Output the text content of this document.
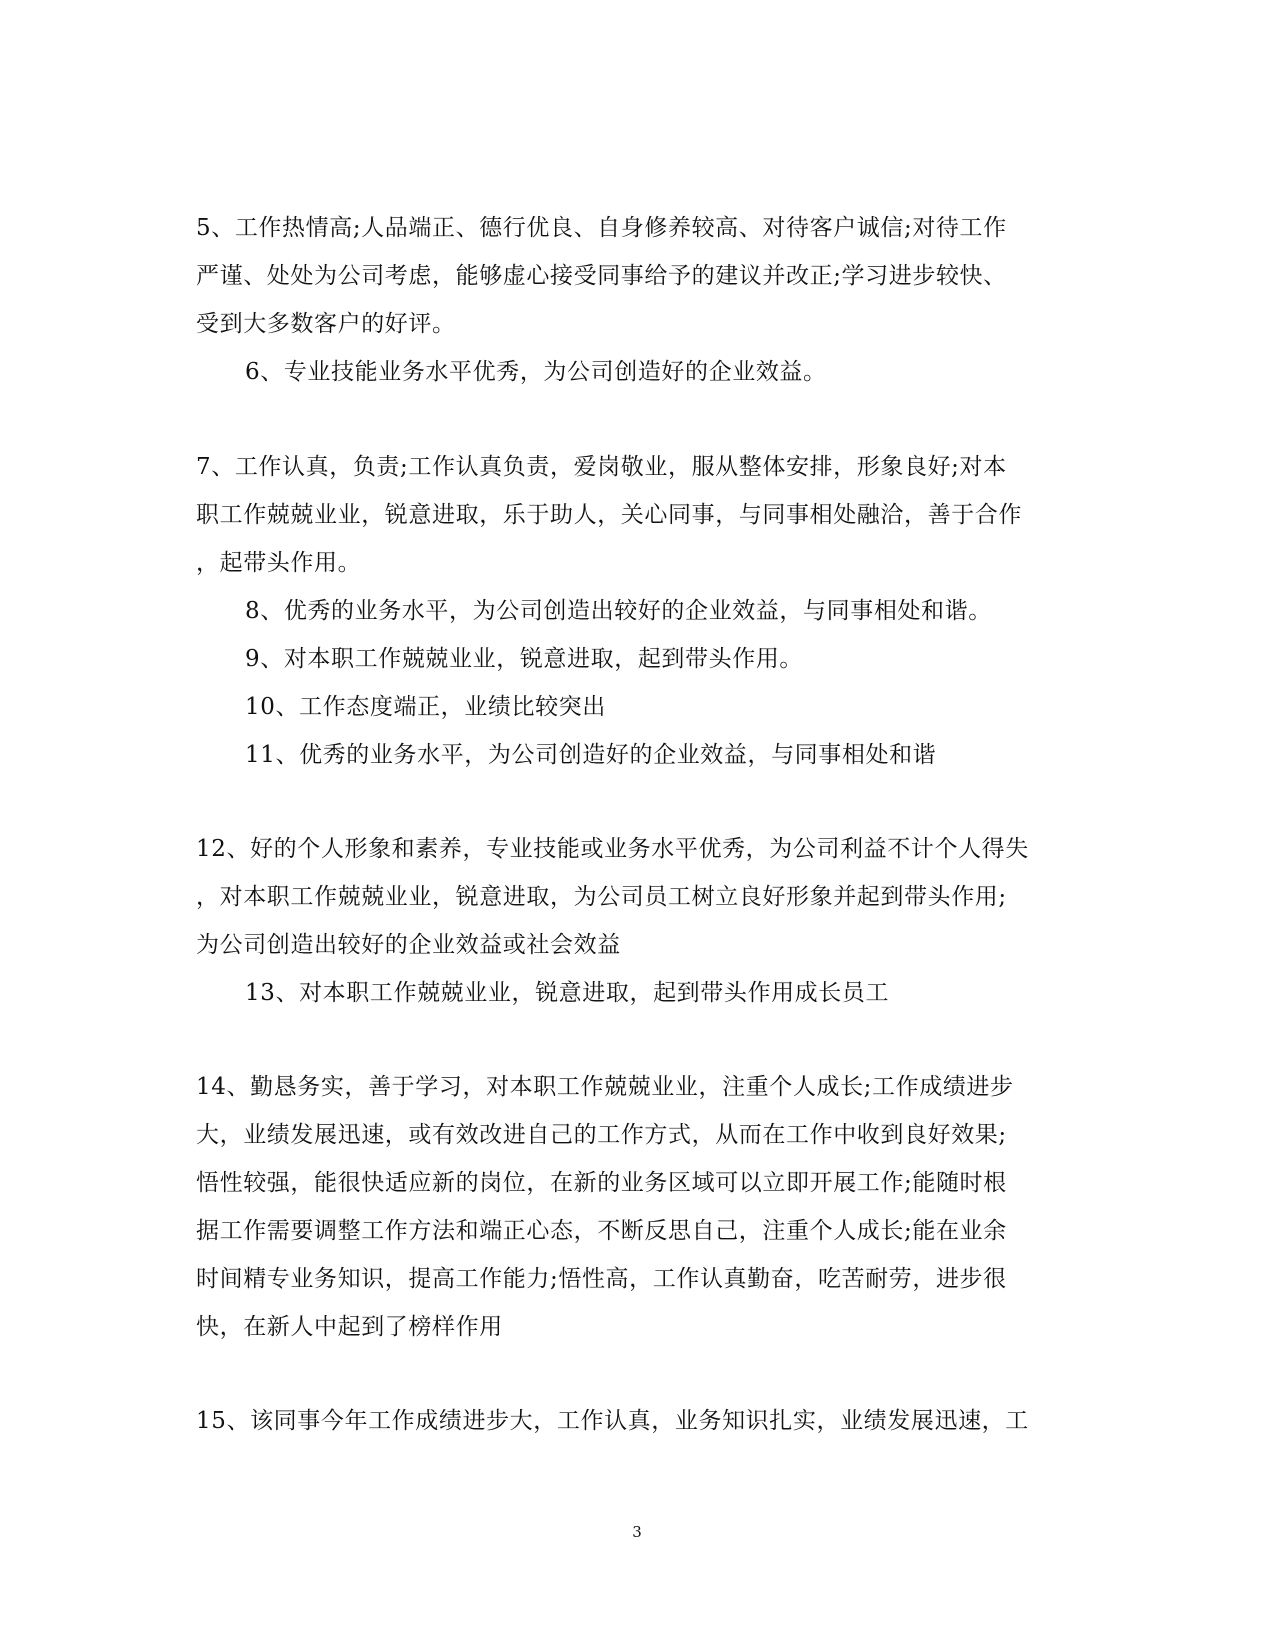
5、工作热情高;人品端正、德行优良、自身修养较高、对待客户诚信;对待工作
严谨、处处为公司考虑，能够虚心接受同事给予的建议并改正;学习进步较快、
受到大多数客户的好评。
6、专业技能业务水平优秀，为公司创造好的企业效益。
7、工作认真，负责;工作认真负责，爱岗敬业，服从整体安排，形象良好;对本
职工作兢兢业业，锐意进取，乐于助人，关心同事，与同事相处融洽，善于合作
，起带头作用。
8、优秀的业务水平，为公司创造出较好的企业效益，与同事相处和谐。
9、对本职工作兢兢业业，锐意进取，起到带头作用。
10、工作态度端正，业绩比较突出
11、优秀的业务水平，为公司创造好的企业效益，与同事相处和谐
12、好的个人形象和素养，专业技能或业务水平优秀，为公司利益不计个人得失
，对本职工作兢兢业业，锐意进取，为公司员工树立良好形象并起到带头作用;
为公司创造出较好的企业效益或社会效益
13、对本职工作兢兢业业，锐意进取，起到带头作用成长员工
14、勤恳务实，善于学习，对本职工作兢兢业业，注重个人成长;工作成绩进步
大，业绩发展迅速，或有效改进自己的工作方式，从而在工作中收到良好效果;
悟性较强，能很快适应新的岗位，在新的业务区域可以立即开展工作;能随时根
据工作需要调整工作方法和端正心态，不断反思自己，注重个人成长;能在业余
时间精专业务知识，提高工作能力;悟性高，工作认真勤奋，吃苦耐劳，进步很
快，在新人中起到了榜样作用
15、该同事今年工作成绩进步大，工作认真，业务知识扎实，业绩发展迅速，工
3
